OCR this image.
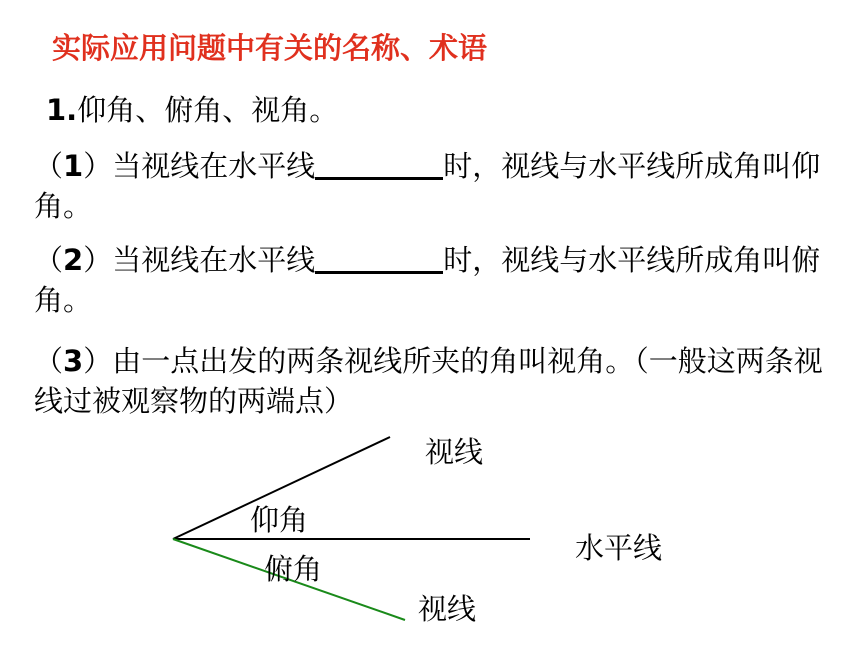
实际应用问题中有关的名称、术语
1.仰角、俯角、视角。
（1）当视线在水平线	时，视线与水平线所成角叫仰角。
（2）当视线在水平线	时，视线与水平线所成角叫俯角。
（3）由一点出发的两条视线所夹的角叫视角。（一般这两条视线过被观察物的两端点）
视线
仰角
水平线
俯角
视线
